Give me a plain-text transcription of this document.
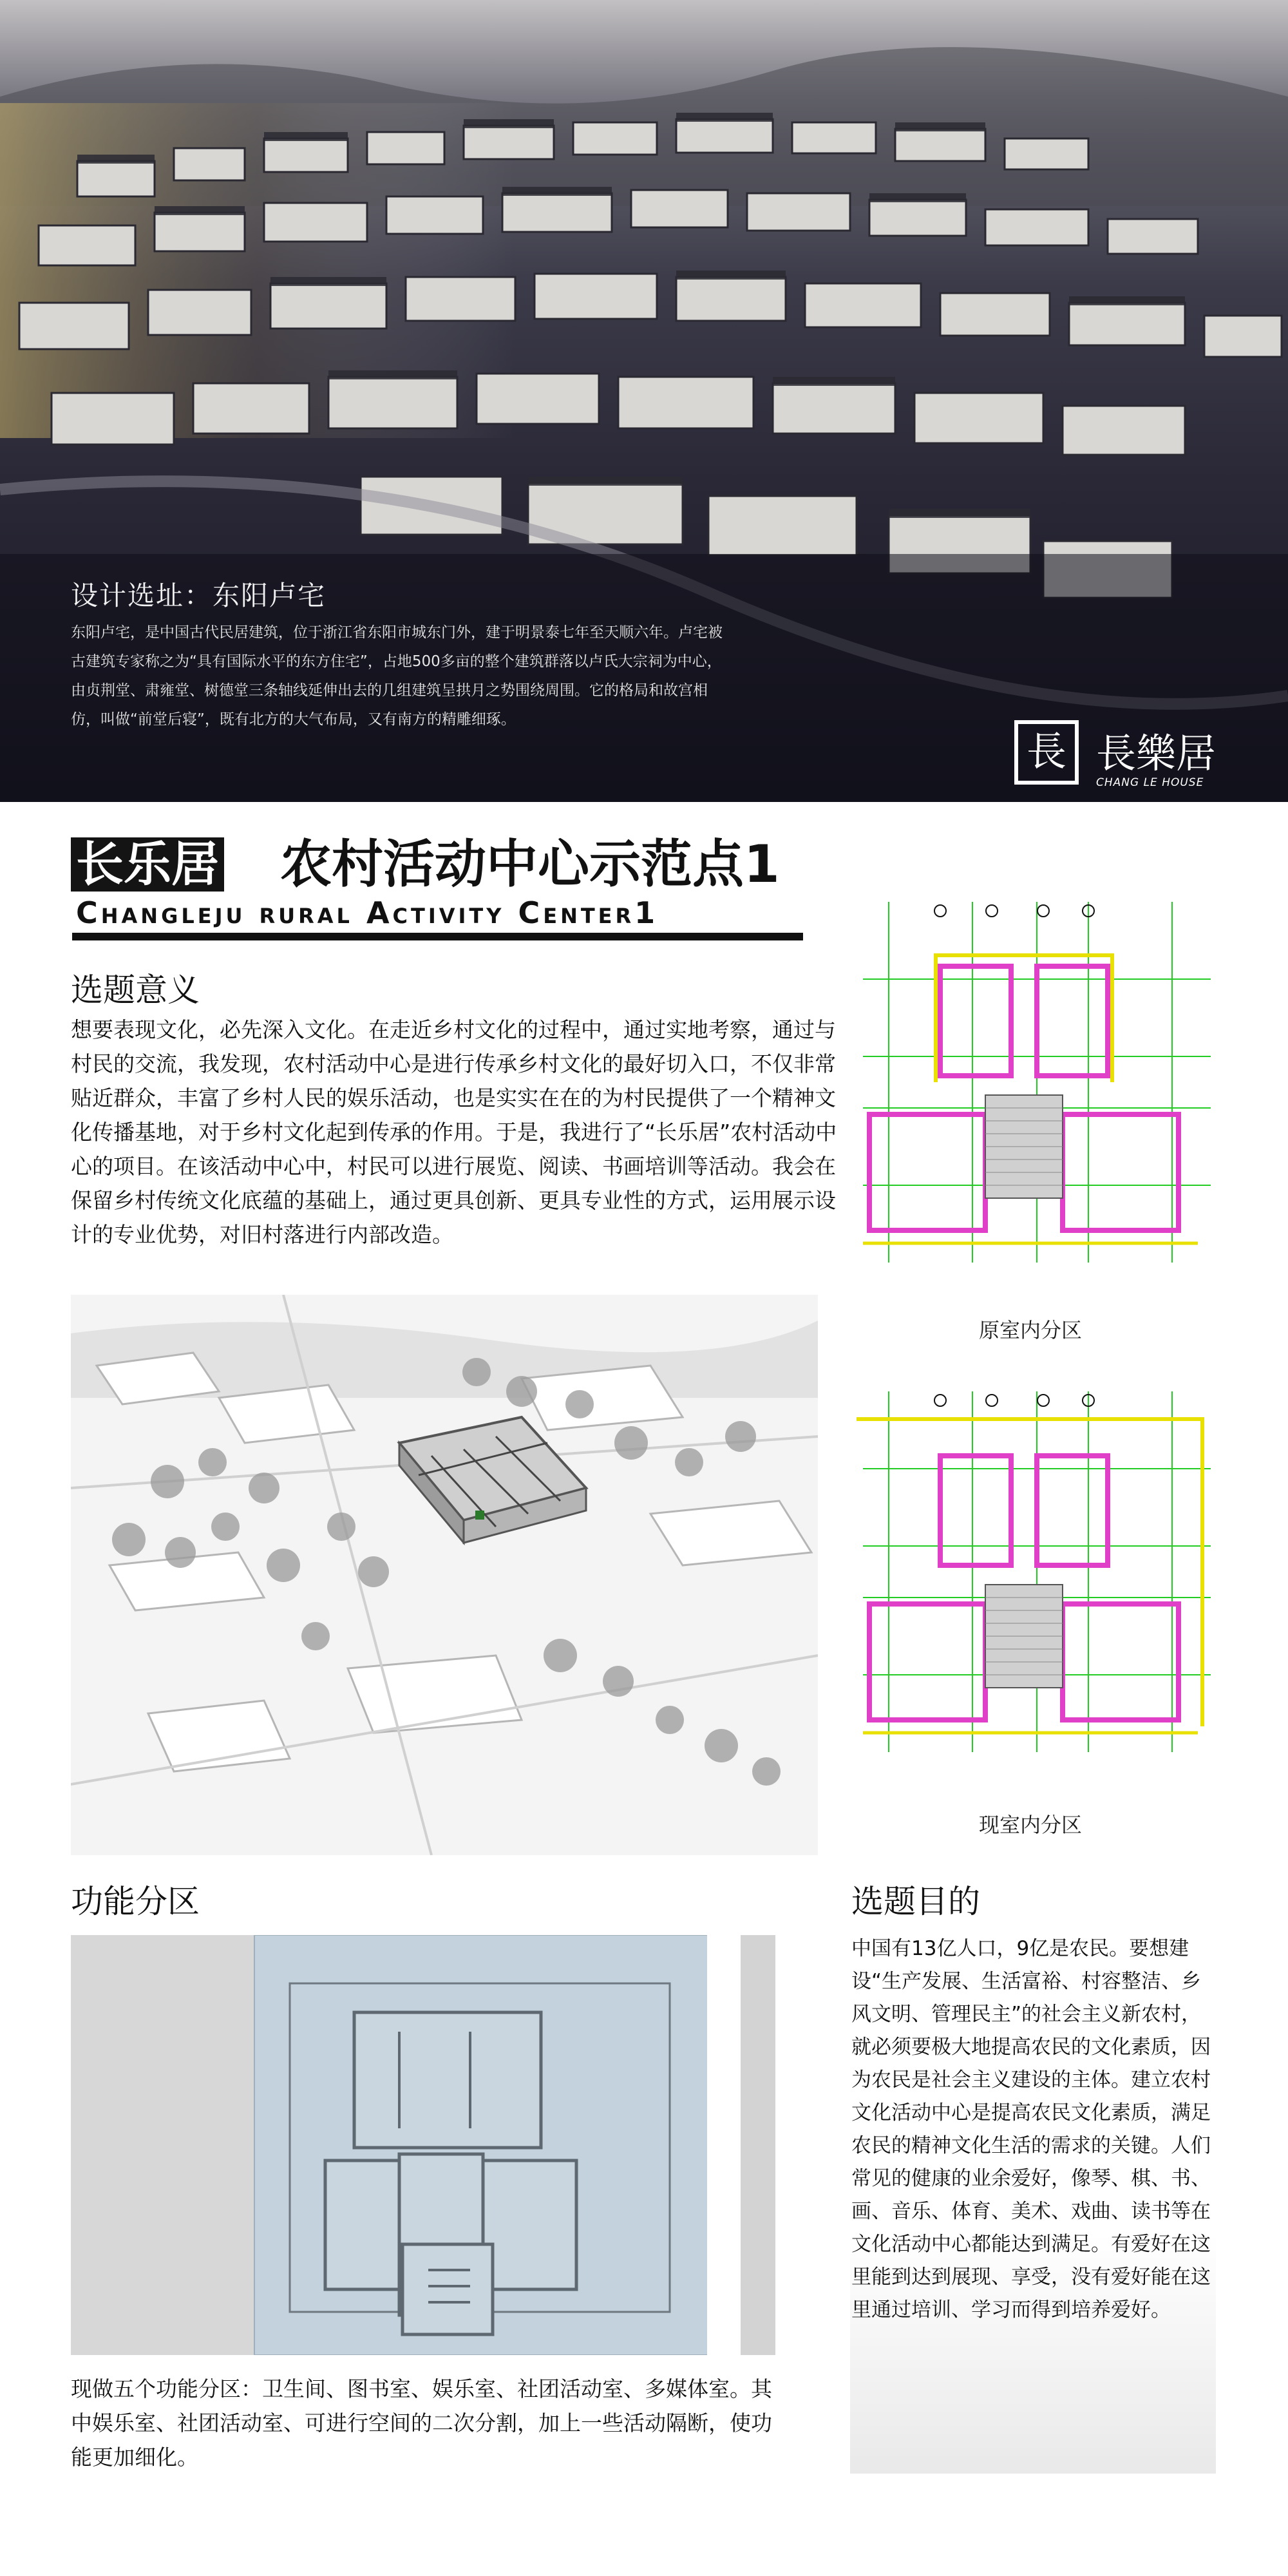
设计选址：东阳卢宅
东阳卢宅，是中国古代民居建筑，位于浙江省东阳市城东门外，建于明景泰七年至天顺六年。卢宅被古建筑专家称之为“具有国际水平的东方住宅”，占地500多亩的整个建筑群落以卢氏大宗祠为中心，由贞荆堂、肃雍堂、树德堂三条轴线延伸出去的几组建筑呈拱月之势围绕周围。它的格局和故宫相仿，叫做“前堂后寝”，既有北方的大气布局，又有南方的精雕细琢。
長 長樂居
CHANG LE HOUSE
长乐居 农村活动中心示范点1
Changleju rural Activity Center1
选题意义
想要表现文化，必先深入文化。在走近乡村文化的过程中，通过实地考察，通过与村民的交流，我发现，农村活动中心是进行传承乡村文化的最好切入口，不仅非常贴近群众，丰富了乡村人民的娱乐活动，也是实实在在的为村民提供了一个精神文化传播基地，对于乡村文化起到传承的作用。于是，我进行了“长乐居”农村活动中心的项目。在该活动中心中，村民可以进行展览、阅读、书画培训等活动。我会在保留乡村传统文化底蕴的基础上，通过更具创新、更具专业性的方式，运用展示设计的专业优势，对旧村落进行内部改造。
原室内分区
现室内分区
功能分区
现做五个功能分区：卫生间、图书室、娱乐室、社团活动室、多媒体室。其中娱乐室、社团活动室、可进行空间的二次分割，加上一些活动隔断，使功能更加细化。
选题目的
中国有13亿人口，9亿是农民。要想建设“生产发展、生活富裕、村容整洁、乡风文明、管理民主”的社会主义新农村，就必须要极大地提高农民的文化素质，因为农民是社会主义建设的主体。建立农村文化活动中心是提高农民文化素质，满足农民的精神文化生活的需求的关键。人们常见的健康的业余爱好，像琴、棋、书、画、音乐、体育、美术、戏曲、读书等在文化活动中心都能达到满足。有爱好在这里能到达到展现、享受，没有爱好能在这里通过培训、学习而得到培养爱好。
